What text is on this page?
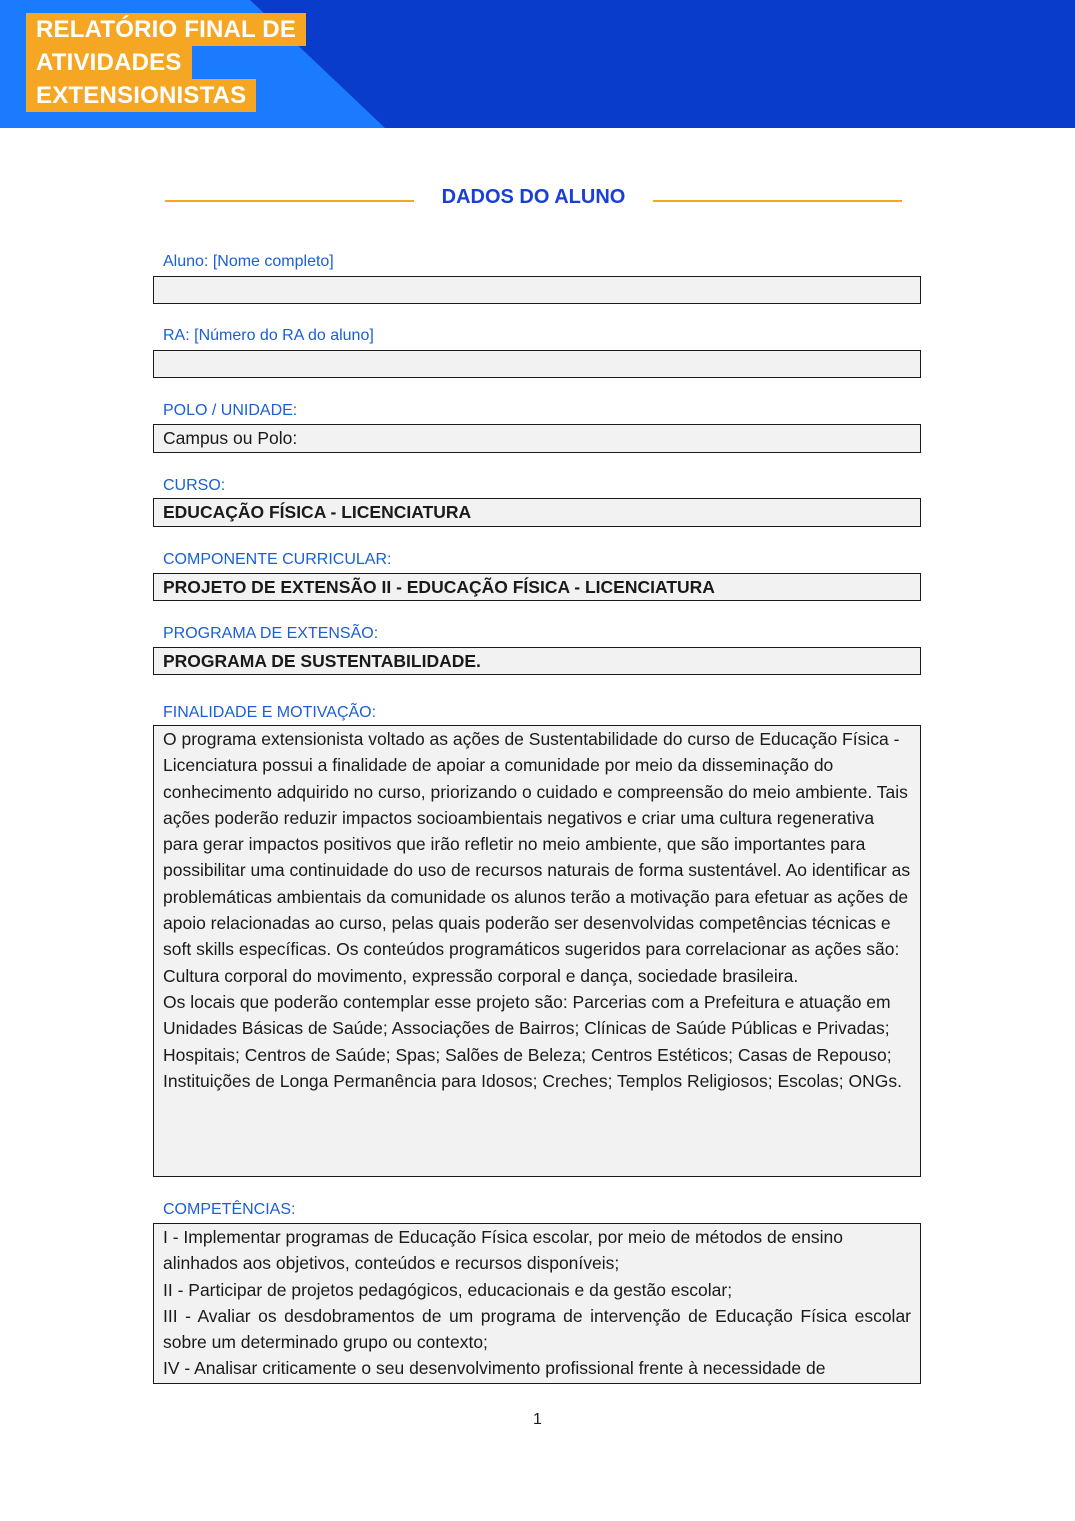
RELATÓRIO FINAL DE
ATIVIDADES
EXTENSIONISTAS
DADOS DO ALUNO
Aluno: [Nome completo]
RA: [Número do RA do aluno]
POLO / UNIDADE:
Campus ou Polo:
CURSO:
EDUCAÇÃO FÍSICA - LICENCIATURA
COMPONENTE CURRICULAR:
PROJETO DE EXTENSÃO II - EDUCAÇÃO FÍSICA - LICENCIATURA
PROGRAMA DE EXTENSÃO:
PROGRAMA DE SUSTENTABILIDADE.
FINALIDADE E MOTIVAÇÃO:

O programa extensionista voltado as ações de Sustentabilidade do curso de Educação Física - Licenciatura possui a finalidade de apoiar a comunidade por meio da disseminação do conhecimento adquirido no curso, priorizando o cuidado e compreensão do meio ambiente. Tais ações poderão reduzir impactos socioambientais negativos e criar uma cultura regenerativa para gerar impactos positivos que irão refletir no meio ambiente, que são importantes para possibilitar uma continuidade do uso de recursos naturais de forma sustentável. Ao identificar as problemáticas ambientais da comunidade os alunos terão a motivação para efetuar as ações de apoio relacionadas ao curso, pelas quais poderão ser desenvolvidas competências técnicas e soft skills específicas. Os conteúdos programáticos sugeridos para correlacionar as ações são: Cultura corporal do movimento, expressão corporal e dança, sociedade brasileira.

Os locais que poderão contemplar esse projeto são: Parcerias com a Prefeitura e atuação em Unidades Básicas de Saúde; Associações de Bairros; Clínicas de Saúde Públicas e Privadas; Hospitais; Centros de Saúde; Spas; Salões de Beleza; Centros Estéticos; Casas de Repouso; Instituições de Longa Permanência para Idosos; Creches; Templos Religiosos; Escolas; ONGs.

COMPETÊNCIAS:

I - Implementar programas de Educação Física escolar, por meio de métodos de ensino alinhados aos objetivos, conteúdos e recursos disponíveis;

II - Participar de projetos pedagógicos, educacionais e da gestão escolar;

III - Avaliar os desdobramentos de um programa de intervenção de Educação Física escolar sobre um determinado grupo ou contexto;

IV - Analisar criticamente o seu desenvolvimento profissional frente à necessidade de

1
